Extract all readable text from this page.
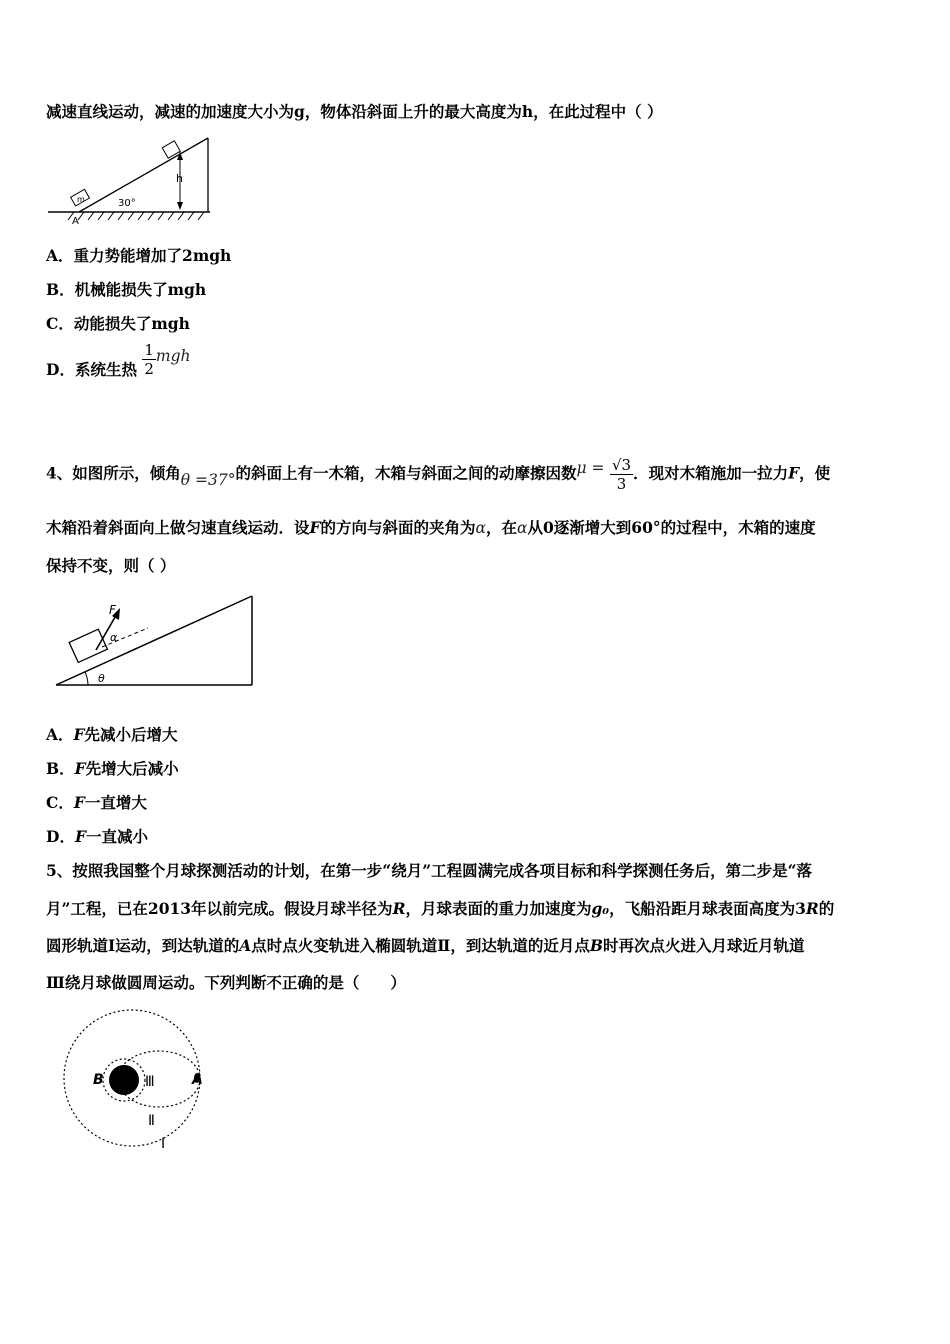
减速直线运动，减速的加速度大小为g，物体沿斜面上升的最大高度为h，在此过程中（ ）
m
h
30°
A
A．重力势能增加了2mgh
B．机械能损失了mgh
C．动能损失了mgh
D．系统生热 $\frac{1}{2}$ mgh
4、如图所示，倾角θ =37°的斜面上有一木箱，木箱与斜面之间的动摩擦因数$\mu = \frac{√3}{3}$ ．现对木箱施加一拉力F，使
木箱沿着斜面向上做匀速直线运动．设F的方向与斜面的夹角为α，在α从0逐渐增大到60°的过程中，木箱的速度
保持不变，则（ ）
F
α
θ
A．F先减小后增大
B．F先增大后减小
C．F一直增大
D．F一直减小
5、按照我国整个月球探测活动的计划，在第一步“绕月”工程圆满完成各项目标和科学探测任务后，第二步是“落
月”工程，已在2013年以前完成。假设月球半径为R，月球表面的重力加速度为g₀，飞船沿距月球表面高度为3R的
圆形轨道Ⅰ运动，到达轨道的A点时点火变轨进入椭圆轨道Ⅱ，到达轨道的近月点B时再次点火进入月球近月轨道
Ⅲ绕月球做圆周运动。下列判断不正确的是（　　）
B	A
Ⅲ
Ⅱ
Ⅰ
